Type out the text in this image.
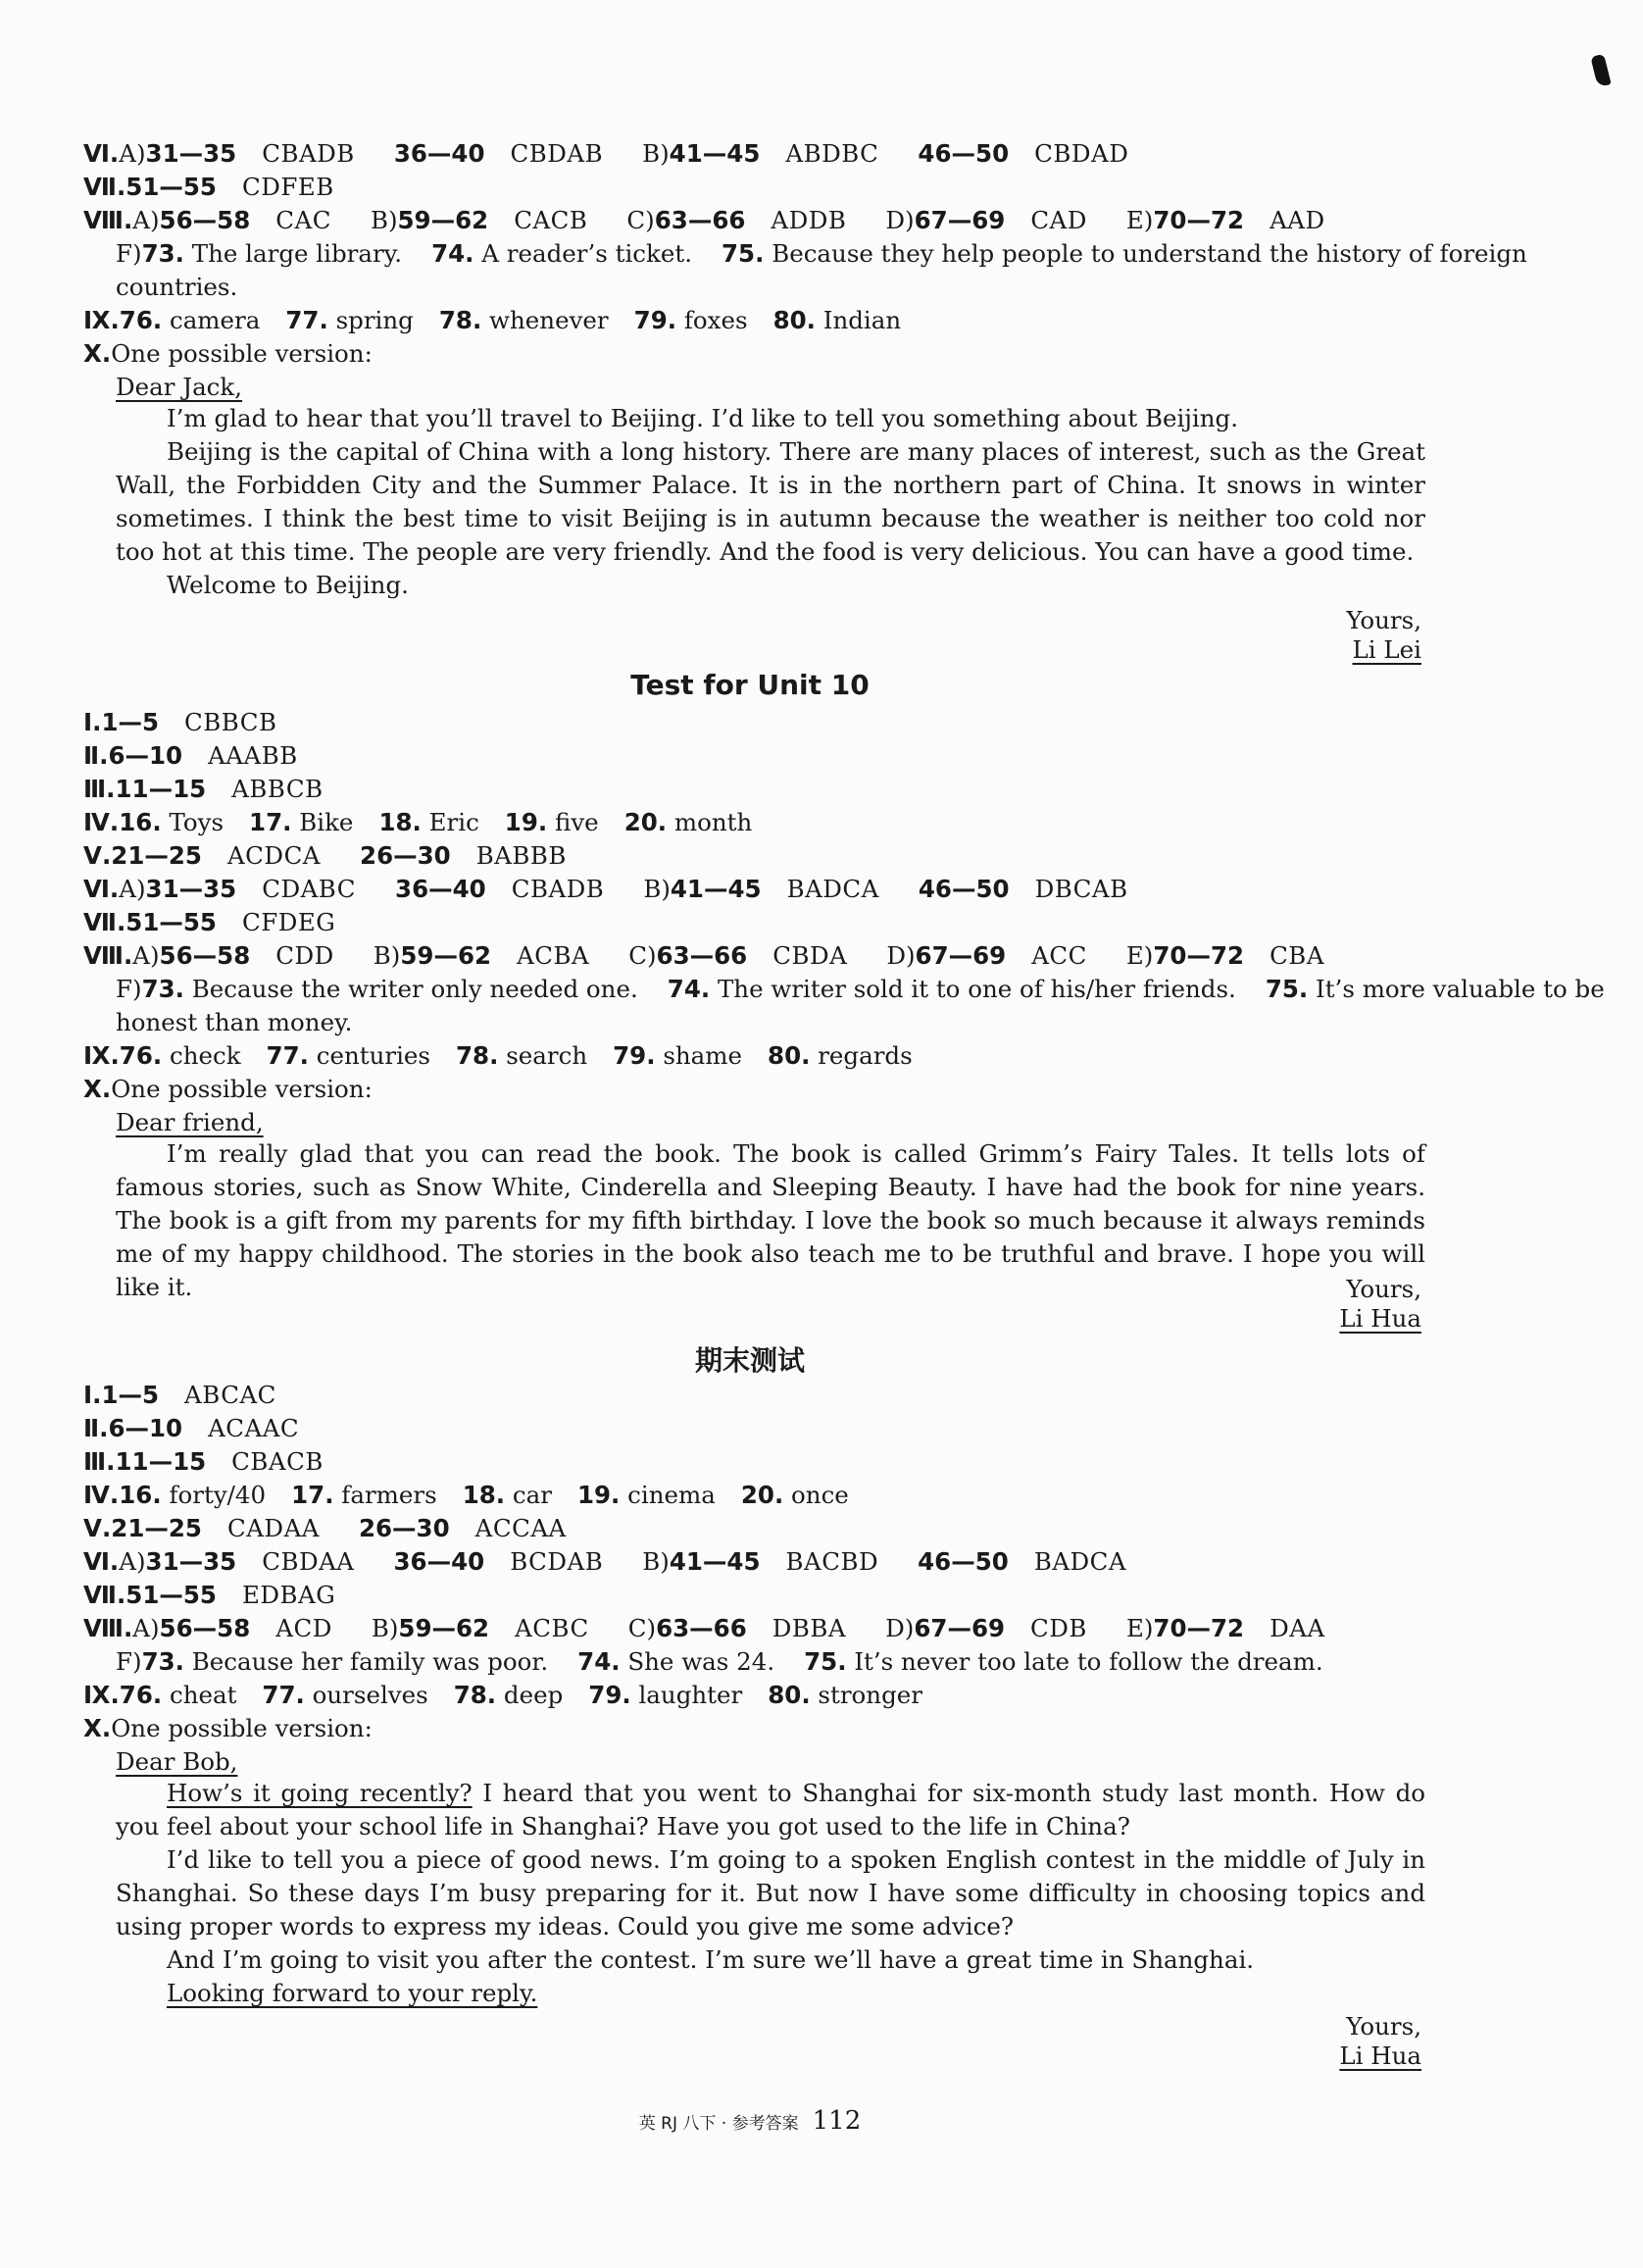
Ⅵ.A)31—35 CBADB 36—40 CBDAB B)41—45 ABDBC 46—50 CBDAD
Ⅶ.51—55 CDFEB
Ⅷ.A)56—58 CAC B)59—62 CACB C)63—66 ADDB D)67—69 CAD E)70—72 AAD
F)73. The large library. 74. A reader’s ticket. 75. Because they help people to understand the history of foreign
countries.
Ⅸ.76. camera 77. spring 78. whenever 79. foxes 80. Indian
Ⅹ.One possible version:
Dear Jack,

I’m glad to hear that you’ll travel to Beijing. I’d like to tell you something about Beijing.

Beijing is the capital of China with a long history. There are many places of interest, such as the Great Wall, the Forbidden City and the Summer Palace. It is in the northern part of China. It snows in winter sometimes. I think the best time to visit Beijing is in autumn because the weather is neither too cold nor too hot at this time. The people are very friendly. And the food is very delicious. You can have a good time.

Welcome to Beijing.

Yours,
Li Lei
Test for Unit 10
Ⅰ.1—5 CBBCB
Ⅱ.6—10 AAABB
Ⅲ.11—15 ABBCB
Ⅳ.16. Toys 17. Bike 18. Eric 19. five 20. month
Ⅴ.21—25 ACDCA 26—30 BABBB
Ⅵ.A)31—35 CDABC 36—40 CBADB B)41—45 BADCA 46—50 DBCAB
Ⅶ.51—55 CFDEG
Ⅷ.A)56—58 CDD B)59—62 ACBA C)63—66 CBDA D)67—69 ACC E)70—72 CBA
F)73. Because the writer only needed one. 74. The writer sold it to one of his/her friends. 75. It’s more valuable to be
honest than money.
Ⅸ.76. check 77. centuries 78. search 79. shame 80. regards
Ⅹ.One possible version:
Dear friend,

I’m really glad that you can read the book. The book is called Grimm’s Fairy Tales. It tells lots of famous stories, such as Snow White, Cinderella and Sleeping Beauty. I have had the book for nine years. The book is a gift from my parents for my fifth birthday. I love the book so much because it always reminds me of my happy childhood. The stories in the book also teach me to be truthful and brave. I hope you will like it.	Yours,
Li Hua
期末测试
Ⅰ.1—5 ABCAC
Ⅱ.6—10 ACAAC
Ⅲ.11—15 CBACB
Ⅳ.16. forty/40 17. farmers 18. car 19. cinema 20. once
Ⅴ.21—25 CADAA 26—30 ACCAA
Ⅵ.A)31—35 CBDAA 36—40 BCDAB B)41—45 BACBD 46—50 BADCA
Ⅶ.51—55 EDBAG
Ⅷ.A)56—58 ACD B)59—62 ACBC C)63—66 DBBA D)67—69 CDB E)70—72 DAA
F)73. Because her family was poor. 74. She was 24. 75. It’s never too late to follow the dream.
Ⅸ.76. cheat 77. ourselves 78. deep 79. laughter 80. stronger
Ⅹ.One possible version:
Dear Bob,

How’s it going recently? I heard that you went to Shanghai for six-month study last month. How do you feel about your school life in Shanghai? Have you got used to the life in China?

I’d like to tell you a piece of good news. I’m going to a spoken English contest in the middle of July in Shanghai. So these days I’m busy preparing for it. But now I have some difficulty in choosing topics and using proper words to express my ideas. Could you give me some advice?

And I’m going to visit you after the contest. I’m sure we’ll have a great time in Shanghai.

Looking forward to your reply.

Yours,
Li Hua
英 RJ 八下 · 参考答案 112
